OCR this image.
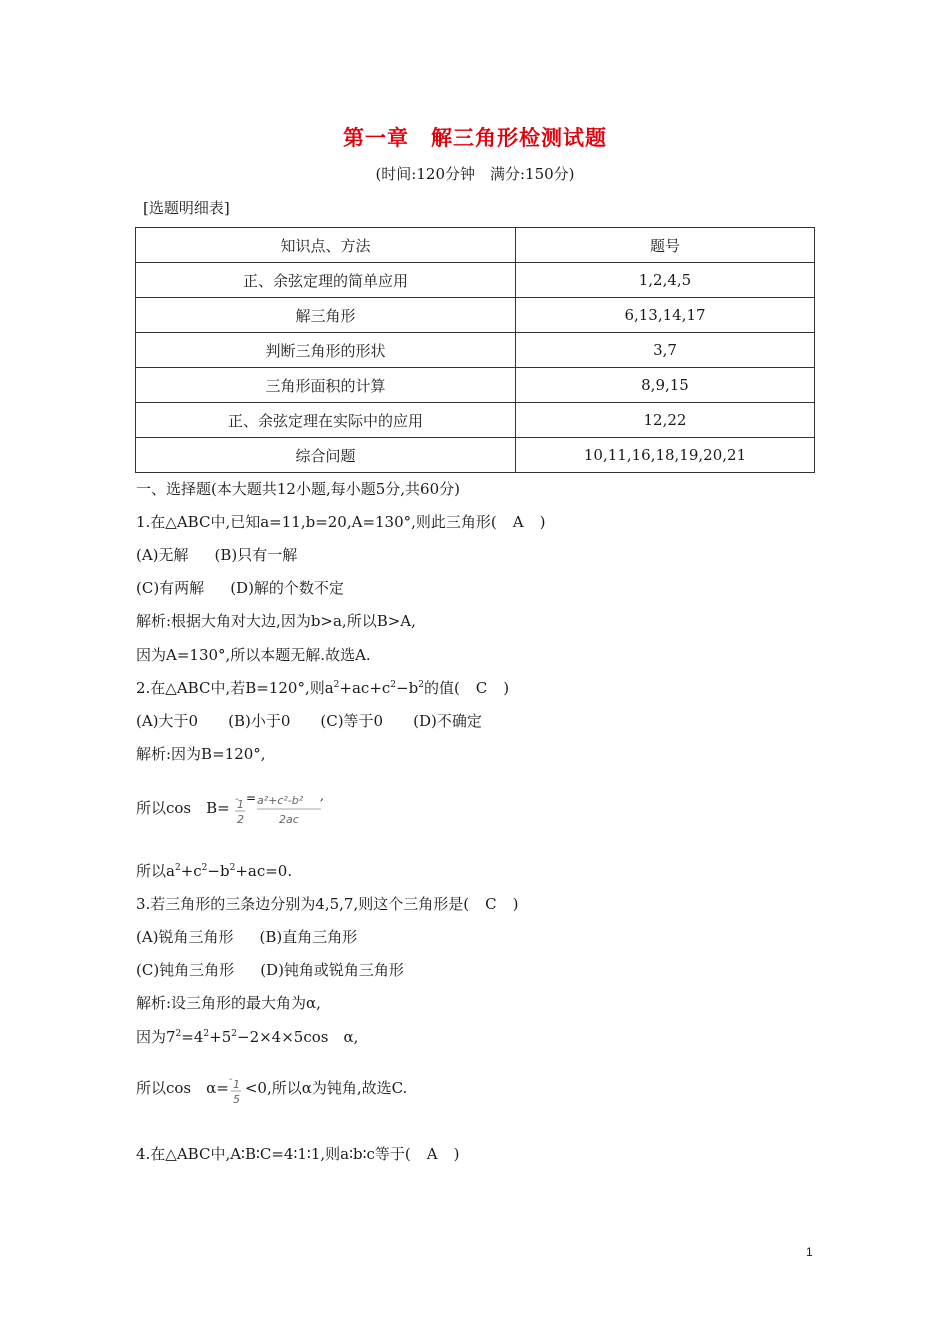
第一章　解三角形检测试题
(时间:120分钟　满分:150分)
[选题明细表]
知识点、方法	题号
正、余弦定理的简单应用	1,2,4,5
解三角形	6,13,14,17
判断三角形的形状	3,7
三角形面积的计算	8,9,15
正、余弦定理在实际中的应用	12,22
综合问题	10,11,16,18,19,20,21
一、选择题(本大题共12小题,每小题5分,共60分)
1.在△ABC中,已知a=11,b=20,A=130°,则此三角形( A )
(A)无解 (B)只有一解
(C)有两解 (D)解的个数不定
解析:根据大角对大边,因为b>a,所以B>A,
因为A=130°,所以本题无解.故选A.
2.在△ABC中,若B=120°,则$a^2+ac+c^2-b^2$的值( C )
(A)大于0 (B)小于0 (C)等于0 (D)不确定
解析:因为B=120°,
所以cos　B= -
1
2
= a²+c²-b²
2ac
,
所以$a^2+c^2-b^2+ac=0$.
3.若三角形的三条边分别为4,5,7,则这个三角形是( C )
(A)锐角三角形 (B)直角三角形
(C)钝角三角形 (D)钝角或锐角三角形
解析:设三角形的最大角为α,
因为$7^2=4^2+5^2-2\times 4\times 5\cos$　α,
所以cos　α= - 1
5
<0,所以α为钝角,故选C.
4.在△ABC中,A∶B∶C=4∶1∶1,则a∶b∶c等于( A )
1
